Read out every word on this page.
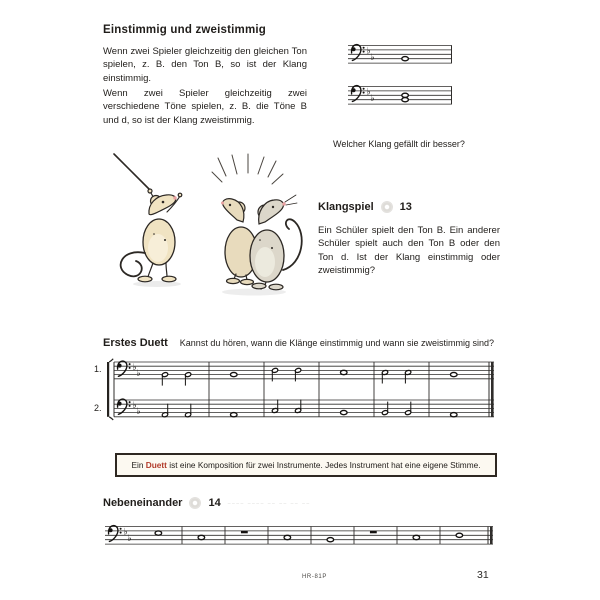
Einstimmig und zweistimmig

Wenn zwei Spieler gleichzeitig den gleichen Ton spielen, z. B. den Ton B, so ist der Klang einstimmig.

♭
♭

Wenn zwei Spieler gleichzeitig zwei verschiedene Töne spielen, z. B. die Töne B und d, so ist der Klang zweistimmig.

♭
♭
Welcher Klang gefällt dir besser?
Klangspiel 13

Ein Schüler spielt den Ton B. Ein anderer Schüler spielt auch den Ton B oder den Ton d. Ist der Klang einstimmig oder zweistimmig?

Erstes Duett Kannst du hören, wann die Klänge einstimmig und wann sie zweistimmig sind?
1.
2.
♭
♭
♭
♭
Ein Duett ist eine Komposition für zwei Instrumente. Jedes Instrument hat eine eigene Stimme.
Nebeneinander 14 –––– –––– –– –– –– ––
♭
♭
HR-81P	31
